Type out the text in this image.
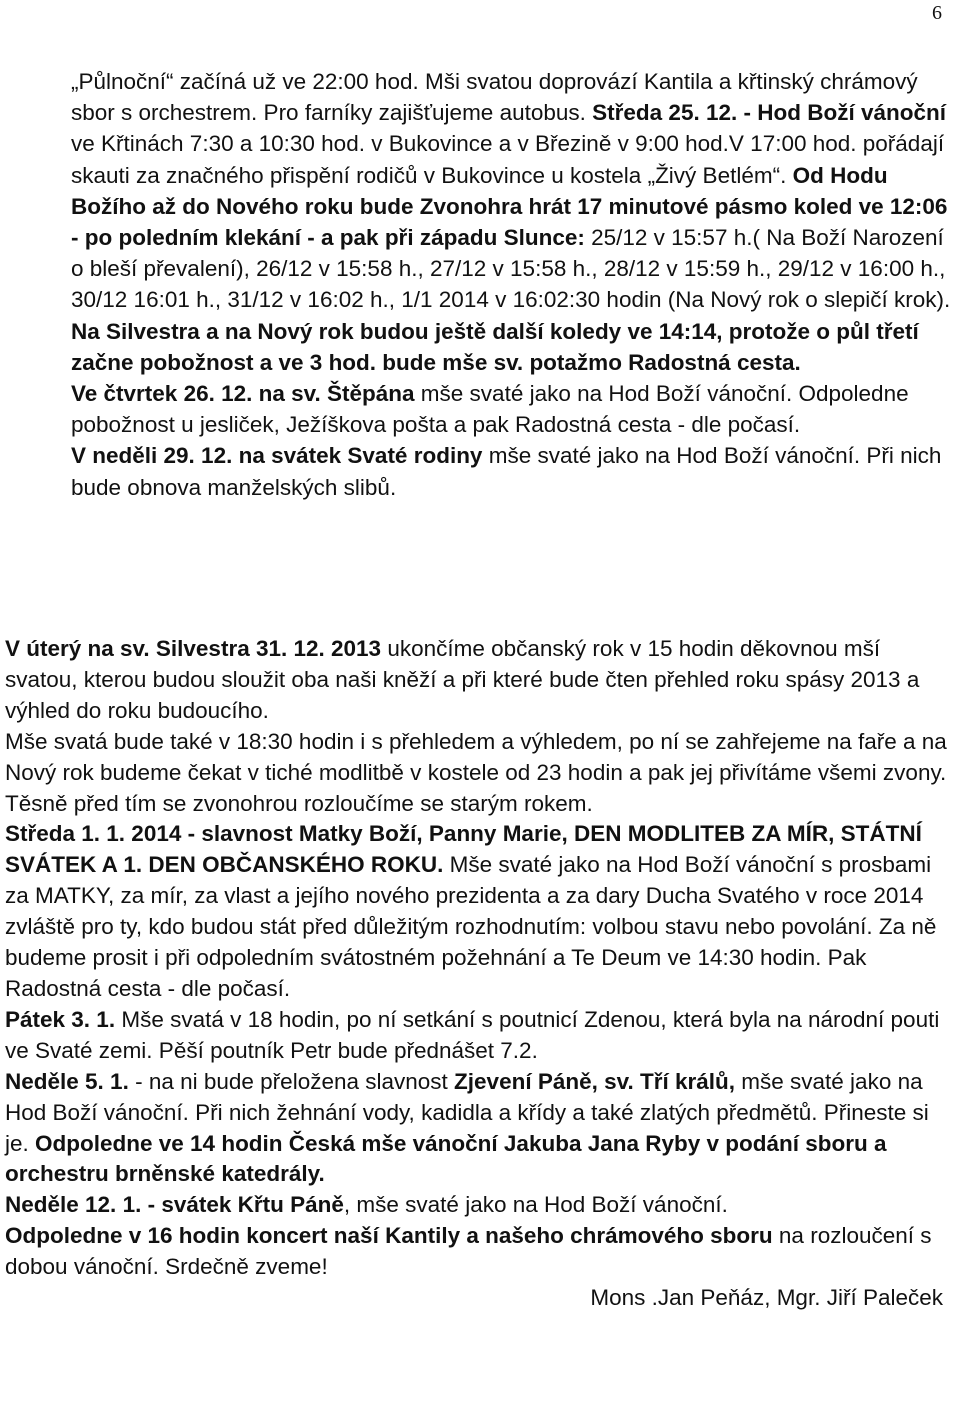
6

„Půlnoční“ začíná už ve 22:00 hod. Mši svatou doprovází Kantila a křtinský chrámový sbor s orchestrem. Pro farníky zajišťujeme autobus. Středa 25. 12. - Hod Boží vánoční ve Křtinách 7:30 a 10:30 hod. v Bukovince a v Březině v 9:00 hod.V 17:00 hod. pořádají skauti za značného přispění rodičů v Bukovince u kostela „Živý Betlém“. Od Hodu Božího až do Nového roku bude Zvonohra hrát 17 minutové pásmo koled ve 12:06 - po poledním klekání - a pak při západu Slunce: 25/12 v 15:57 h.( Na Boží Narození o bleší převalení), 26/12 v 15:58 h., 27/12 v 15:58 h., 28/12 v 15:59 h., 29/12 v 16:00 h., 30/12 16:01 h., 31/12 v 16:02 h., 1/1 2014 v 16:02:30 hodin (Na Nový rok o slepičí krok). Na Silvestra a na Nový rok budou ještě další koledy ve 14:14, protože o půl třetí začne pobožnost a ve 3 hod. bude mše sv. potažmo Radostná cesta.

Ve čtvrtek 26. 12. na sv. Štěpána mše svaté jako na Hod Boží vánoční. Odpoledne pobožnost u jesliček, Ježíškova pošta a pak Radostná cesta - dle počasí.

V neděli 29. 12. na svátek Svaté rodiny mše svaté jako na Hod Boží vánoční. Při nich bude obnova manželských slibů.

V úterý na sv. Silvestra 31. 12. 2013 ukončíme občanský rok v 15 hodin děkovnou mší svatou, kterou budou sloužit oba naši kněží a při které bude čten přehled roku spásy 2013 a výhled do roku budoucího.

Mše svatá bude také v 18:30 hodin i s přehledem a výhledem, po ní se zahřejeme na faře a na Nový rok budeme čekat v tiché modlitbě v kostele od 23 hodin a pak jej přivítáme všemi zvony. Těsně před tím se zvonohrou rozloučíme se starým rokem.

Středa 1. 1. 2014 - slavnost Matky Boží, Panny Marie, DEN MODLITEB ZA MÍR, STÁTNÍ SVÁTEK A 1. DEN OBČANSKÉHO ROKU. Mše svaté jako na Hod Boží vánoční s prosbami za MATKY, za mír, za vlast a jejího nového prezidenta a za dary Ducha Svatého v roce 2014 zvláště pro ty, kdo budou stát před důležitým rozhodnutím: volbou stavu nebo povolání. Za ně budeme prosit i při odpoledním svátostném požehnání a Te Deum ve 14:30 hodin. Pak Radostná cesta - dle počasí.

Pátek 3. 1. Mše svatá v 18 hodin, po ní setkání s poutnicí Zdenou, která byla na národní pouti ve Svaté zemi. Pěší poutník Petr bude přednášet 7.2.

Neděle 5. 1. - na ni bude přeložena slavnost Zjevení Páně, sv. Tří králů, mše svaté jako na Hod Boží vánoční. Při nich žehnání vody, kadidla a křídy a také zlatých předmětů. Přineste si je. Odpoledne ve 14 hodin Česká mše vánoční Jakuba Jana Ryby v podání sboru a orchestru brněnské katedrály.

Neděle 12. 1. - svátek Křtu Páně, mše svaté jako na Hod Boží vánoční.

Odpoledne v 16 hodin koncert naší Kantily a našeho chrámového sboru na rozloučení s dobou vánoční. Srdečně zveme!

Mons .Jan Peňáz, Mgr. Jiří Paleček
